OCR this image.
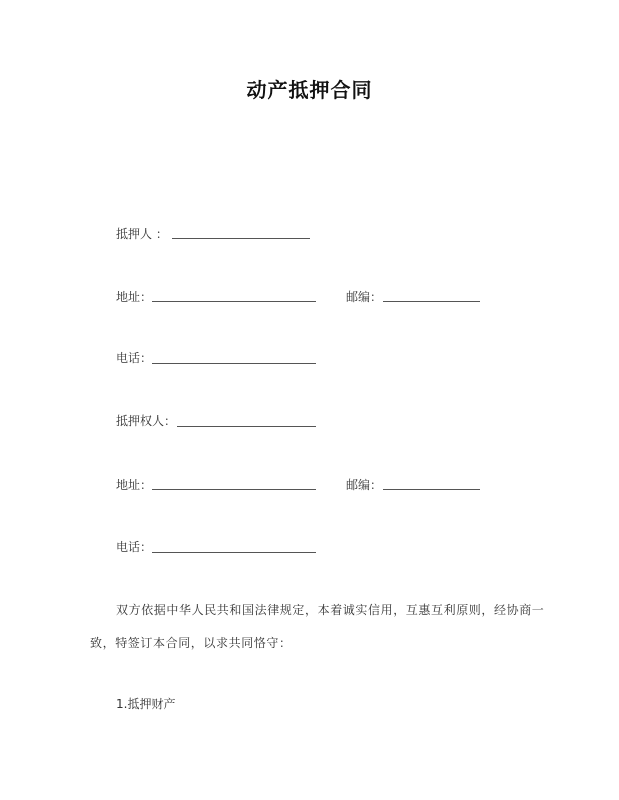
动产抵押合同
抵押人 ：
地址：	邮编：
电话：
抵押权人：
地址：	邮编：
电话：
双方依据中华人民共和国法律规定，本着诚实信用，互惠互利原则，经协商一
致，特签订本合同，以求共同恪守：
1.抵押财产
